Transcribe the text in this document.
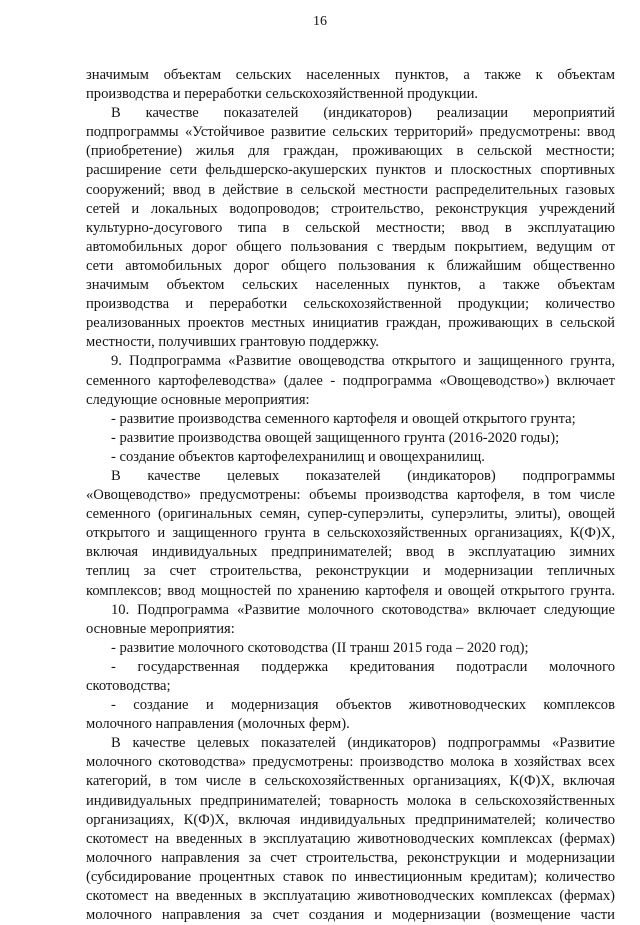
16
значимым объектам сельских населенных пунктов, а также к объектам
производства и переработки сельскохозяйственной продукции.
В качестве показателей (индикаторов) реализации мероприятий
подпрограммы «Устойчивое развитие сельских территорий» предусмотрены: ввод
(приобретение) жилья для граждан, проживающих в сельской местности;
расширение сети фельдшерско-акушерских пунктов и плоскостных спортивных
сооружений; ввод в действие в сельской местности распределительных газовых
сетей и локальных водопроводов; строительство, реконструкция учреждений
культурно-досугового типа в сельской местности; ввод в эксплуатацию
автомобильных дорог общего пользования с твердым покрытием, ведущим от
сети автомобильных дорог общего пользования к ближайшим общественно
значимым объектом сельских населенных пунктов, а также объектам
производства и переработки сельскохозяйственной продукции; количество
реализованных проектов местных инициатив граждан, проживающих в сельской
местности, получивших грантовую поддержку.
9. Подпрограмма «Развитие овощеводства открытого и защищенного грунта,
семенного картофелеводства» (далее - подпрограмма «Овощеводство») включает
следующие основные мероприятия:
- развитие производства семенного картофеля и овощей открытого грунта;
- развитие производства овощей защищенного грунта (2016-2020 годы);
- создание объектов картофелехранилищ и овощехранилищ.
В качестве целевых показателей (индикаторов) подпрограммы
«Овощеводство» предусмотрены: объемы производства картофеля, в том числе
семенного (оригинальных семян, супер-суперэлиты, суперэлиты, элиты), овощей
открытого и защищенного грунта в сельскохозяйственных организациях, К(Ф)Х,
включая индивидуальных предпринимателей; ввод в эксплуатацию зимних
теплиц за счет строительства, реконструкции и модернизации тепличных
комплексов; ввод мощностей по хранению картофеля и овощей открытого грунта.
10. Подпрограмма «Развитие молочного скотоводства» включает следующие
основные мероприятия:
- развитие молочного скотоводства (II транш 2015 года – 2020 год);
- государственная поддержка кредитования подотрасли молочного
скотоводства;
- создание и модернизация объектов животноводческих комплексов
молочного направления (молочных ферм).
В качестве целевых показателей (индикаторов) подпрограммы «Развитие
молочного скотоводства» предусмотрены: производство молока в хозяйствах всех
категорий, в том числе в сельскохозяйственных организациях, К(Ф)Х, включая
индивидуальных предпринимателей; товарность молока в сельскохозяйственных
организациях, К(Ф)Х, включая индивидуальных предпринимателей; количество
скотомест на введенных в эксплуатацию животноводческих комплексах (фермах)
молочного направления за счет строительства, реконструкции и модернизации
(субсидирование процентных ставок по инвестиционным кредитам); количество
скотомест на введенных в эксплуатацию животноводческих комплексах (фермах)
молочного направления за счет создания и модернизации (возмещение части
